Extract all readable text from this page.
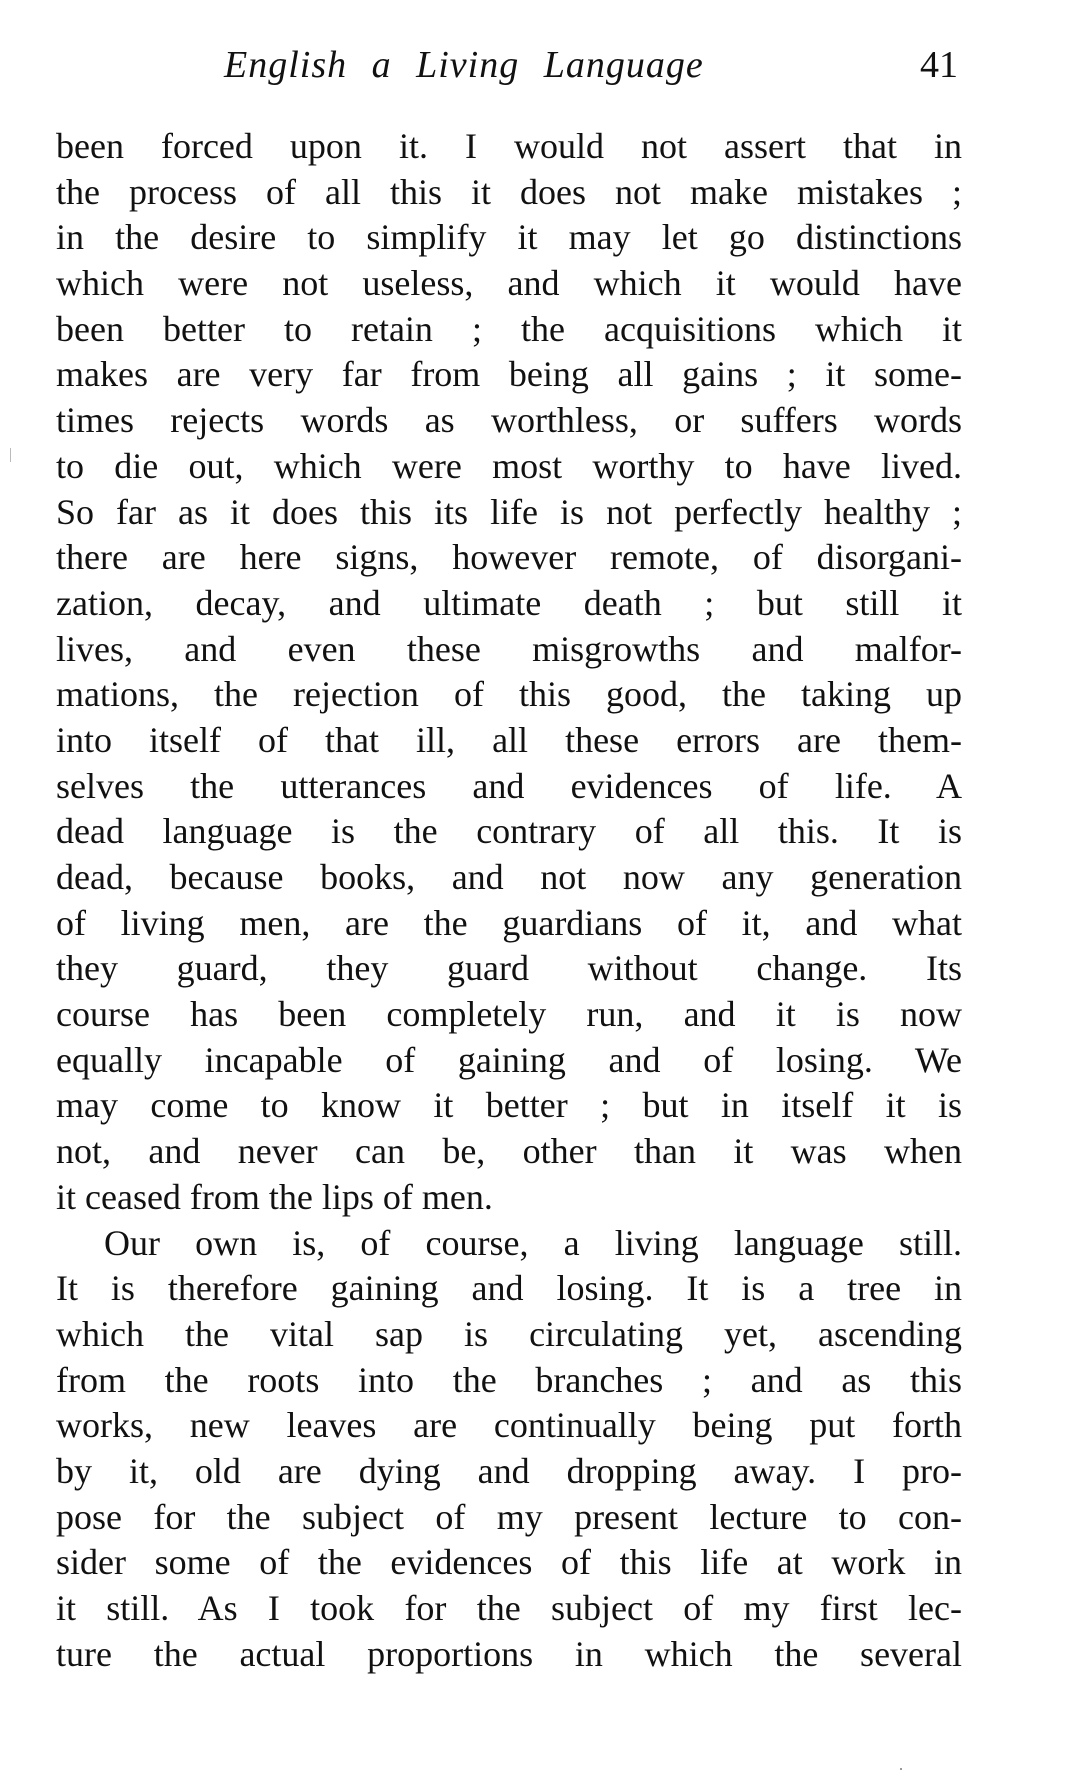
English a Living Language	41
been forced upon it. I would not assert that in
the process of all this it does not make mistakes ;
in the desire to simplify it may let go distinctions
which were not useless, and which it would have
been better to retain ; the acquisitions which it
makes are very far from being all gains ; it some-
times rejects words as worthless, or suffers words
to die out, which were most worthy to have lived.
So far as it does this its life is not perfectly healthy ;
there are here signs, however remote, of disorgani-
zation, decay, and ultimate death ; but still it
lives, and even these misgrowths and malfor-
mations, the rejection of this good, the taking up
into itself of that ill, all these errors are them-
selves the utterances and evidences of life. A
dead language is the contrary of all this. It is
dead, because books, and not now any generation
of living men, are the guardians of it, and what
they guard, they guard without change. Its
course has been completely run, and it is now
equally incapable of gaining and of losing. We
may come to know it better ; but in itself it is
not, and never can be, other than it was when
it ceased from the lips of men.
Our own is, of course, a living language still.
It is therefore gaining and losing. It is a tree in
which the vital sap is circulating yet, ascending
from the roots into the branches ; and as this
works, new leaves are continually being put forth
by it, old are dying and dropping away. I pro-
pose for the subject of my present lecture to con-
sider some of the evidences of this life at work in
it still. As I took for the subject of my first lec-
ture the actual proportions in which the several
